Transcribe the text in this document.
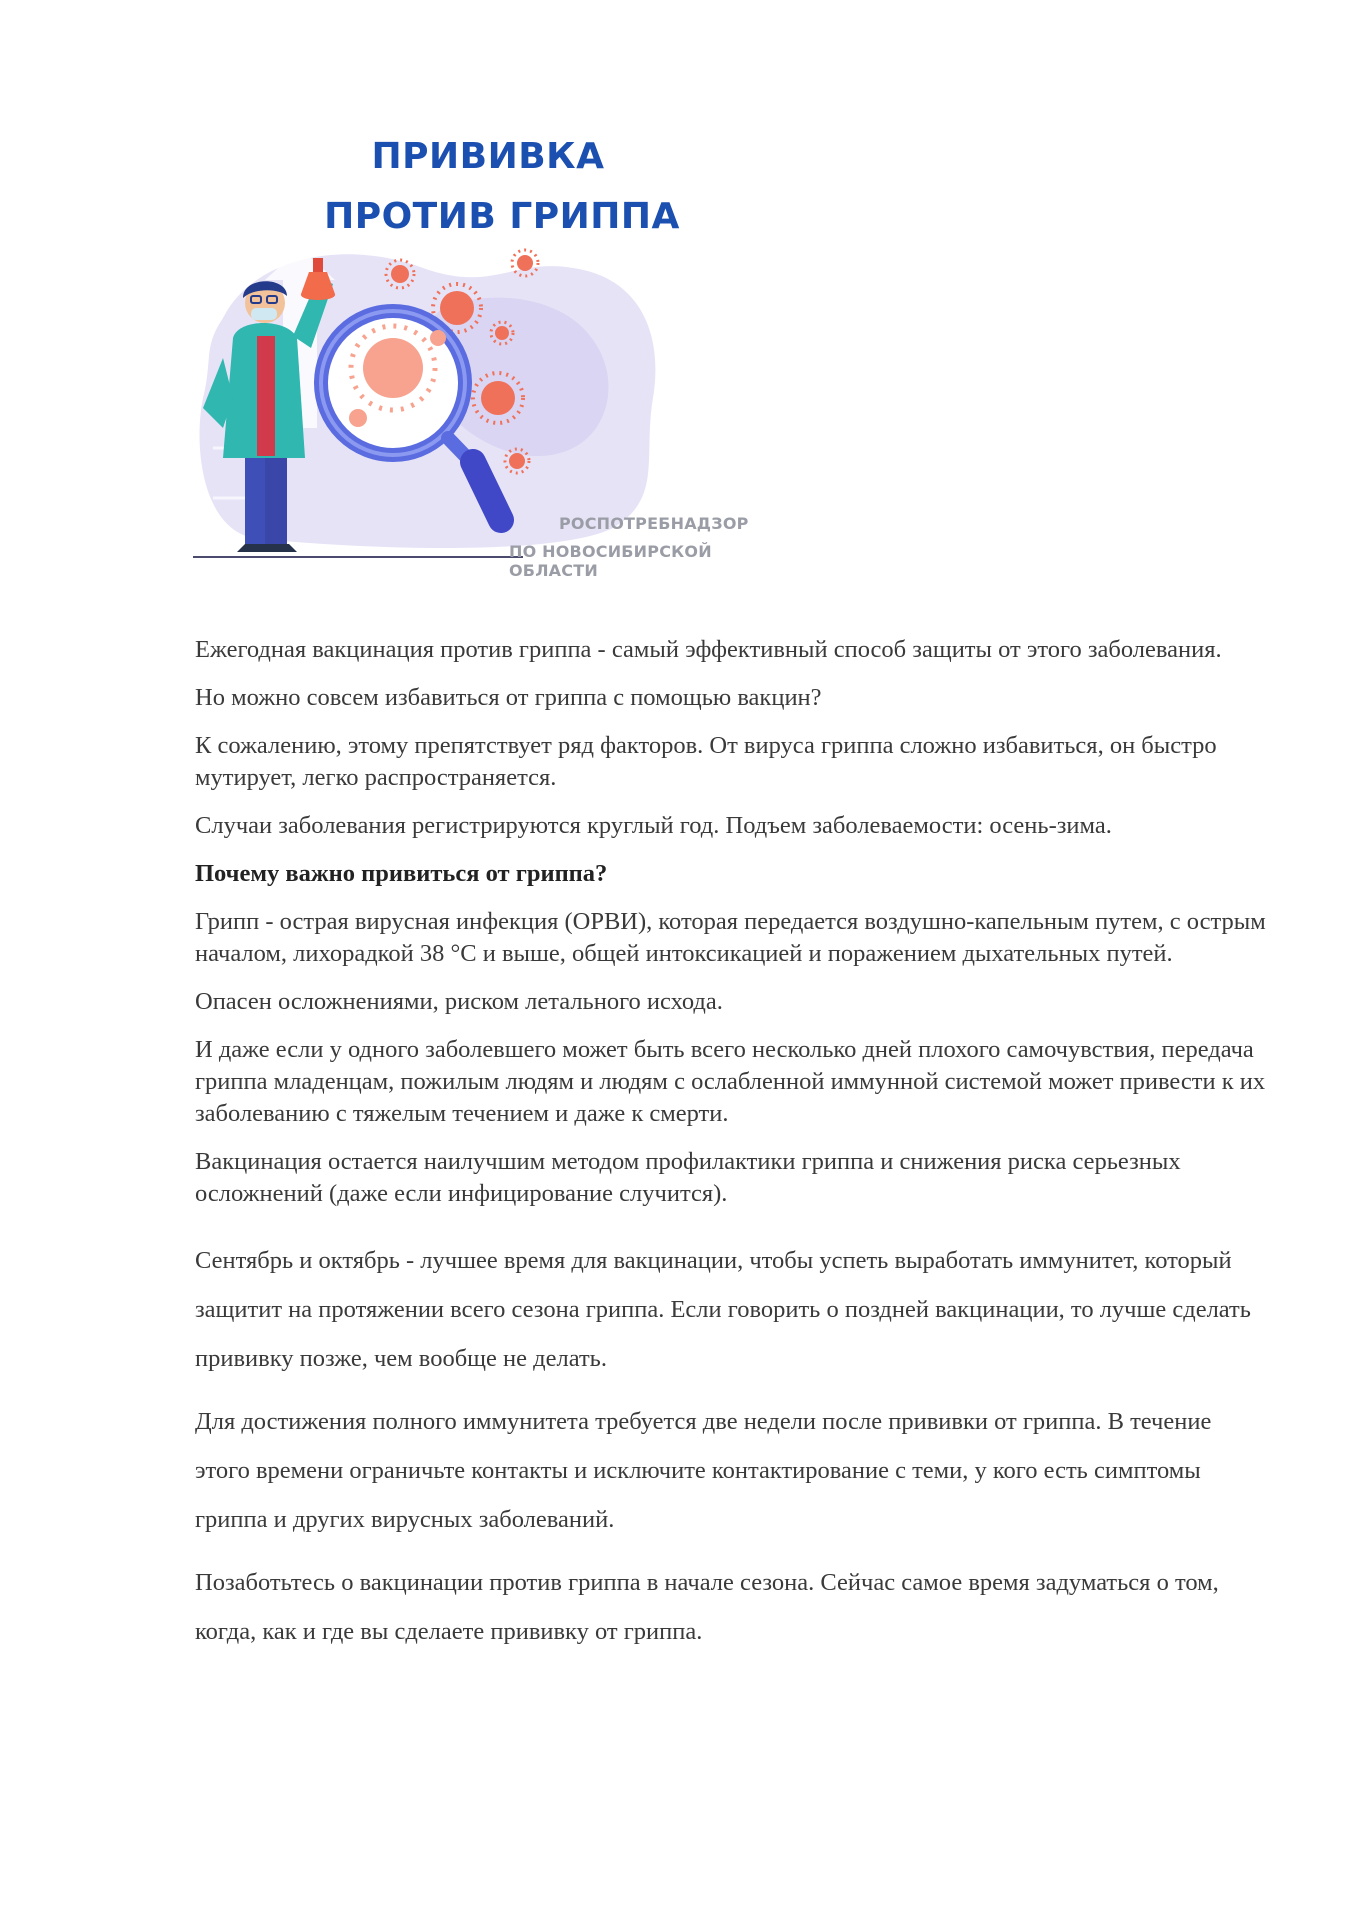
ПРИВИВКА
ПРОТИВ ГРИППА
РОСПОТРЕБНАДЗОР
ПО НОВОСИБИРСКОЙ ОБЛАСТИ

Ежегодная вакцинация против гриппа - самый эффективный способ защиты от этого заболевания.

Но можно совсем избавиться от гриппа с помощью вакцин?

К сожалению, этому препятствует ряд факторов. От вируса гриппа сложно избавиться, он быстро мутирует, легко распространяется.

Случаи заболевания регистрируются круглый год. Подъем заболеваемости: осень-зима.

Почему важно привиться от гриппа?

Грипп - острая вирусная инфекция (ОРВИ), которая передается воздушно-капельным путем, с острым началом, лихорадкой 38 °С и выше, общей интоксикацией и поражением дыхательных путей.

Опасен осложнениями, риском летального исхода.

И даже если у одного заболевшего может быть всего несколько дней плохого самочувствия, передача гриппа младенцам, пожилым людям и людям с ослабленной иммунной системой может привести к их заболеванию с тяжелым течением и даже к смерти.

Вакцинация остается наилучшим методом профилактики гриппа и снижения риска серьезных осложнений (даже если инфицирование случится).

Сентябрь и октябрь - лучшее время для вакцинации, чтобы успеть выработать иммунитет, который защитит на протяжении всего сезона гриппа. Если говорить о поздней вакцинации, то лучше сделать прививку позже, чем вообще не делать.

Для достижения полного иммунитета требуется две недели после прививки от гриппа. В течение этого времени ограничьте контакты и исключите контактирование с теми, у кого есть симптомы гриппа и других вирусных заболеваний.

Позаботьтесь о вакцинации против гриппа в начале сезона. Сейчас самое время задуматься о том, когда, как и где вы сделаете прививку от гриппа.
